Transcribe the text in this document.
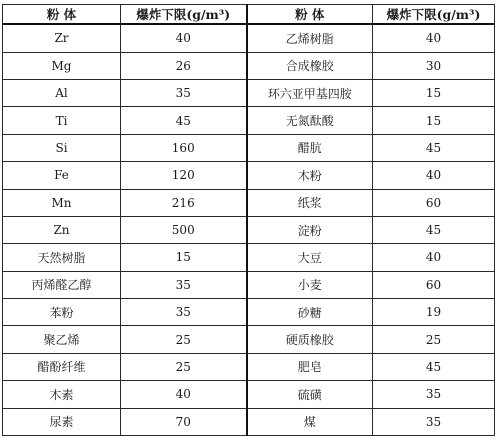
粉 体	爆炸下限(g/m³)	粉 体	爆炸下限(g/m³)
Zr	40	乙烯树脂	40
Mg	26	合成橡胶	30
Al	35	环六亚甲基四胺	15
Ti	45	无氮酞酸	15
Si	160	醋肮	45
Fe	120	木粉	40
Mn	216	纸浆	60
Zn	500	淀粉	45
天然树脂	15	大豆	40
丙烯醛乙醇	35	小麦	60
苯粉	35	砂糖	19
聚乙烯	25	硬质橡胶	25
醋酚纤维	25	肥皂	45
木素	40	硫磺	35
尿素	70	煤	35
